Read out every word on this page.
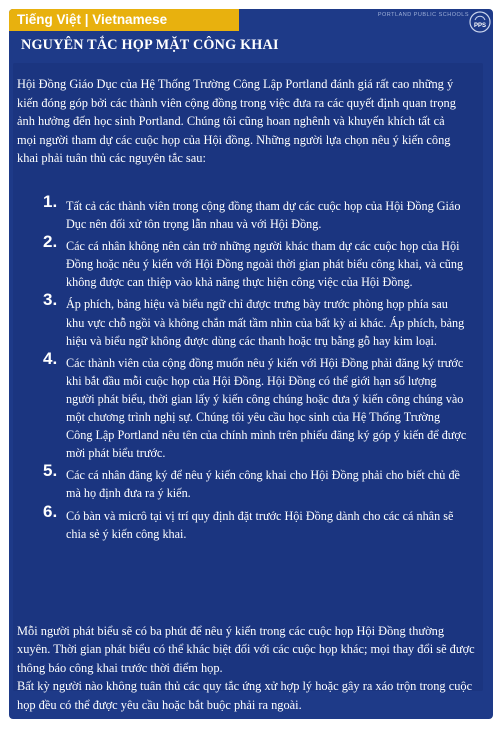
Tiếng Việt | Vietnamese	PORTLAND PUBLIC SCHOOLS
PPS
NGUYÊN TẮC HỌP MẶT CÔNG KHAI
Hội Đồng Giáo Dục của Hệ Thống Trường Công Lập Portland đánh giá rất cao những ý kiến đóng góp bởi các thành viên cộng đồng trong việc đưa ra các quyết định quan trọng ảnh hưởng đến học sinh Portland. Chúng tôi cũng hoan nghênh và khuyến khích tất cả mọi người tham dự các cuộc họp của Hội đồng. Những người lựa chọn nêu ý kiến công khai phải tuân thủ các nguyên tắc sau:
1. Tất cả các thành viên trong cộng đồng tham dự các cuộc họp của Hội Đồng Giáo Dục nên đối xử tôn trọng lẫn nhau và với Hội Đồng.
2. Các cá nhân không nên cản trở những người khác tham dự các cuộc họp của Hội Đồng hoặc nêu ý kiến với Hội Đồng ngoài thời gian phát biểu công khai, và cũng không được can thiệp vào khả năng thực hiện công việc của Hội Đồng.
3. Áp phích, bảng hiệu và biểu ngữ chỉ được trưng bày trước phòng họp phía sau khu vực chỗ ngồi và không chắn mất tầm nhìn của bất kỳ ai khác. Áp phích, bảng hiệu và biểu ngữ không được dùng các thanh hoặc trụ bằng gỗ hay kim loại.
4. Các thành viên của cộng đồng muốn nêu ý kiến với Hội Đồng phải đăng ký trước khi bắt đầu mỗi cuộc họp của Hội Đồng. Hội Đồng có thể giới hạn số lượng người phát biểu, thời gian lấy ý kiến công chúng hoặc đưa ý kiến công chúng vào một chương trình nghị sự. Chúng tôi yêu cầu học sinh của Hệ Thống Trường Công Lập Portland nêu tên của chính mình trên phiếu đăng ký góp ý kiến để được mời phát biểu trước.
5. Các cá nhân đăng ký để nêu ý kiến công khai cho Hội Đồng phải cho biết chủ đề mà họ định đưa ra ý kiến.
6. Có bàn và micrô tại vị trí quy định đặt trước Hội Đồng dành cho các cá nhân sẽ chia sẻ ý kiến công khai.

Mỗi người phát biểu sẽ có ba phút để nêu ý kiến trong các cuộc họp Hội Đồng thường xuyên. Thời gian phát biểu có thể khác biệt đối với các cuộc họp khác; mọi thay đổi sẽ được thông báo công khai trước thời điểm họp.

Bất kỳ người nào không tuân thủ các quy tắc ứng xử hợp lý hoặc gây ra xáo trộn trong cuộc họp đều có thể được yêu cầu hoặc bắt buộc phải ra ngoài.
